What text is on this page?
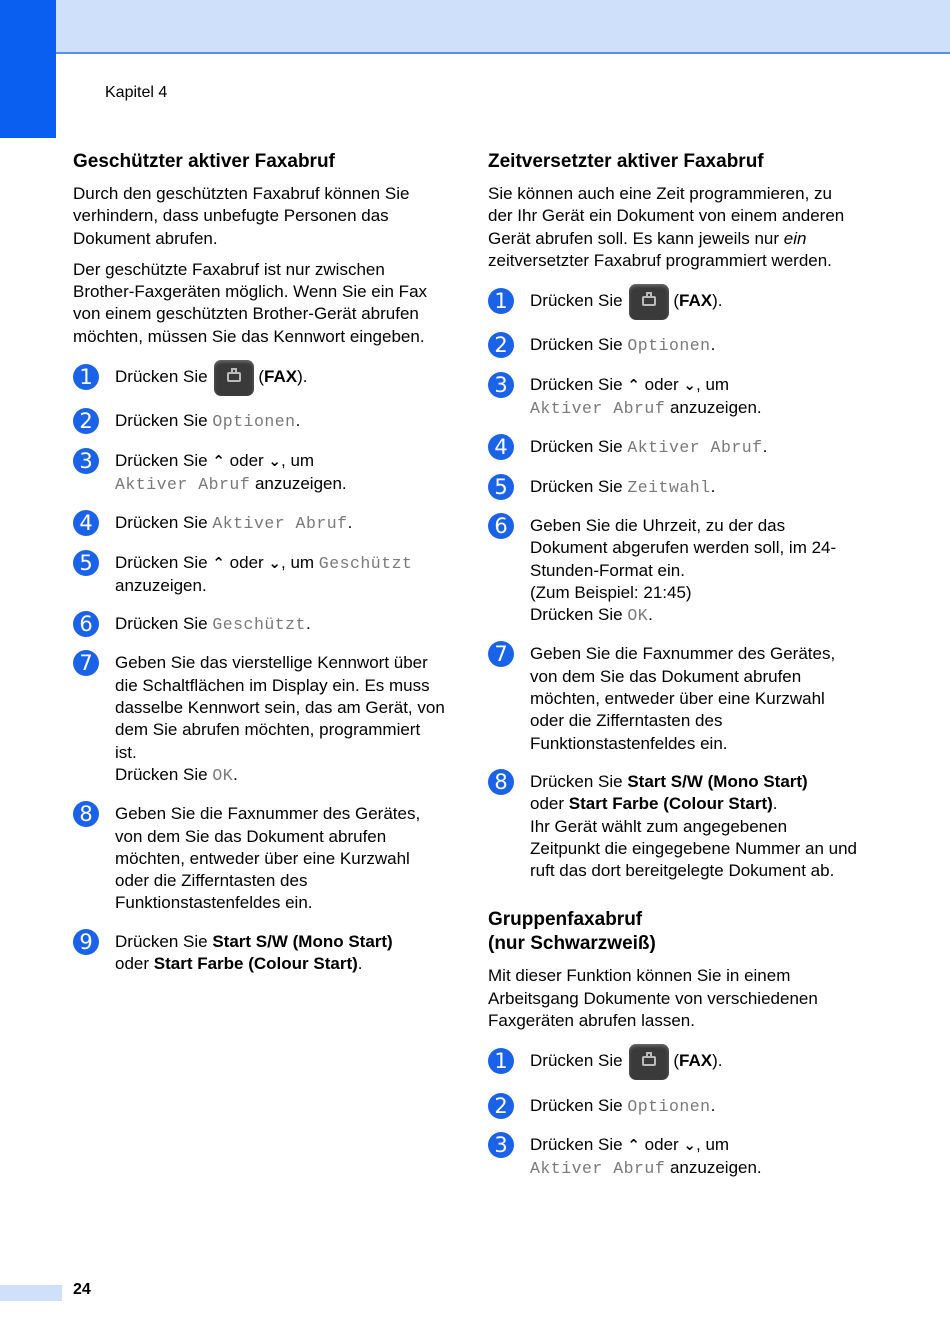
Kapitel 4
Geschützter aktiver Faxabruf

Durch den geschützten Faxabruf können Sie verhindern, dass unbefugte Personen das Dokument abrufen.

Der geschützte Faxabruf ist nur zwischen Brother-Faxgeräten möglich. Wenn Sie ein Fax von einem geschützten Brother-Gerät abrufen möchten, müssen Sie das Kennwort eingeben.

1	Drücken Sie	(FAX).
2	Drücken Sie Optionen.
3	Drücken Sie ⌃ oder ⌄, um
Aktiver Abruf anzuzeigen.
4	Drücken Sie Aktiver Abruf.
5	Drücken Sie ⌃ oder ⌄, um Geschützt
anzuzeigen.
6	Drücken Sie Geschützt.
7	Geben Sie das vierstellige Kennwort über die Schaltflächen im Display ein. Es muss dasselbe Kennwort sein, das am Gerät, von dem Sie abrufen möchten, programmiert ist.
Drücken Sie OK.
8	Geben Sie die Faxnummer des Gerätes, von dem Sie das Dokument abrufen möchten, entweder über eine Kurzwahl oder die Zifferntasten des Funktionstastenfeldes ein.
9	Drücken Sie Start S/W (Mono Start)
oder Start Farbe (Colour Start).
Zeitversetzter aktiver Faxabruf

Sie können auch eine Zeit programmieren, zu der Ihr Gerät ein Dokument von einem anderen Gerät abrufen soll. Es kann jeweils nur ein zeitversetzter Faxabruf programmiert werden.

1	Drücken Sie	(FAX).
2	Drücken Sie Optionen.
3	Drücken Sie ⌃ oder ⌄, um
Aktiver Abruf anzuzeigen.
4	Drücken Sie Aktiver Abruf.
5	Drücken Sie Zeitwahl.
6	Geben Sie die Uhrzeit, zu der das Dokument abgerufen werden soll, im 24-Stunden-Format ein.
(Zum Beispiel: 21:45)
Drücken Sie OK.
7	Geben Sie die Faxnummer des Gerätes, von dem Sie das Dokument abrufen möchten, entweder über eine Kurzwahl oder die Zifferntasten des Funktionstastenfeldes ein.
8	Drücken Sie Start S/W (Mono Start)
oder Start Farbe (Colour Start).
Ihr Gerät wählt zum angegebenen Zeitpunkt die eingegebene Nummer an und ruft das dort bereitgelegte Dokument ab.
Gruppenfaxabruf
(nur Schwarzweiß)

Mit dieser Funktion können Sie in einem Arbeitsgang Dokumente von verschiedenen Faxgeräten abrufen lassen.

1	Drücken Sie	(FAX).
2	Drücken Sie Optionen.
3	Drücken Sie ⌃ oder ⌄, um
Aktiver Abruf anzuzeigen.
24
